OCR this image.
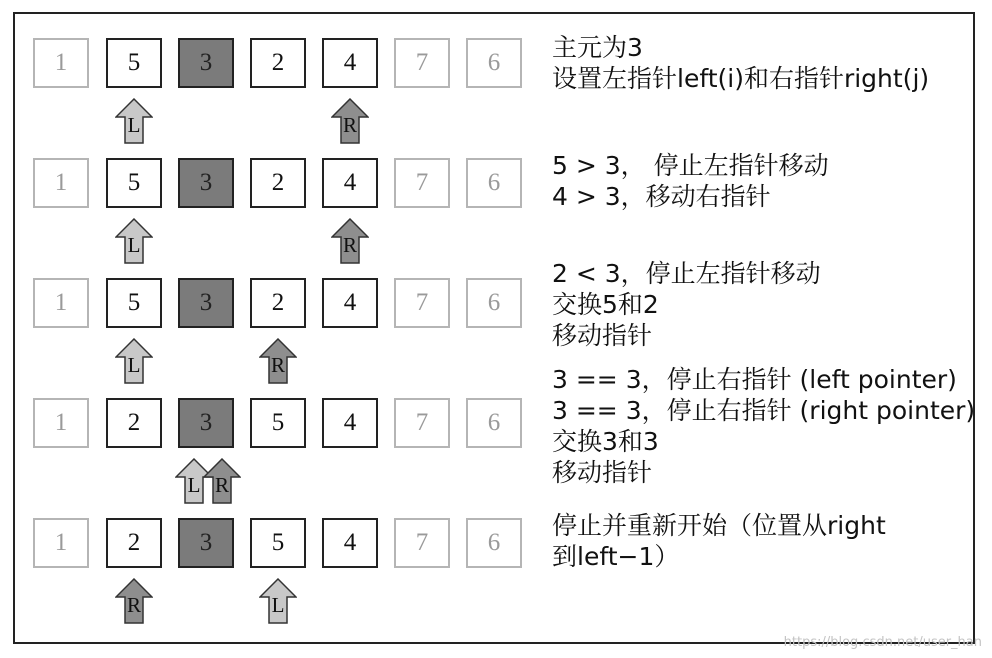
1 5 3 2 4 7 6
L	R
主元为3
设置左指针left(i)和右指针right(j)
1 5 3 2 4 7 6
L	R
5 > 3， 停止左指针移动
4 > 3，移动右指针
1 5 3 2 4 7 6
L	R
2 < 3，停止左指针移动
交换5和2
移动指针
1 2 3 5 4 7 6
L R
3 == 3，停止右指针 (left pointer)
3 == 3，停止右指针 (right pointer)
交换3和3
移动指针
1 2 3 5 4 7 6
R	L
停止并重新开始（位置从right
到left−1）
https://blog.csdn.net/user_han
